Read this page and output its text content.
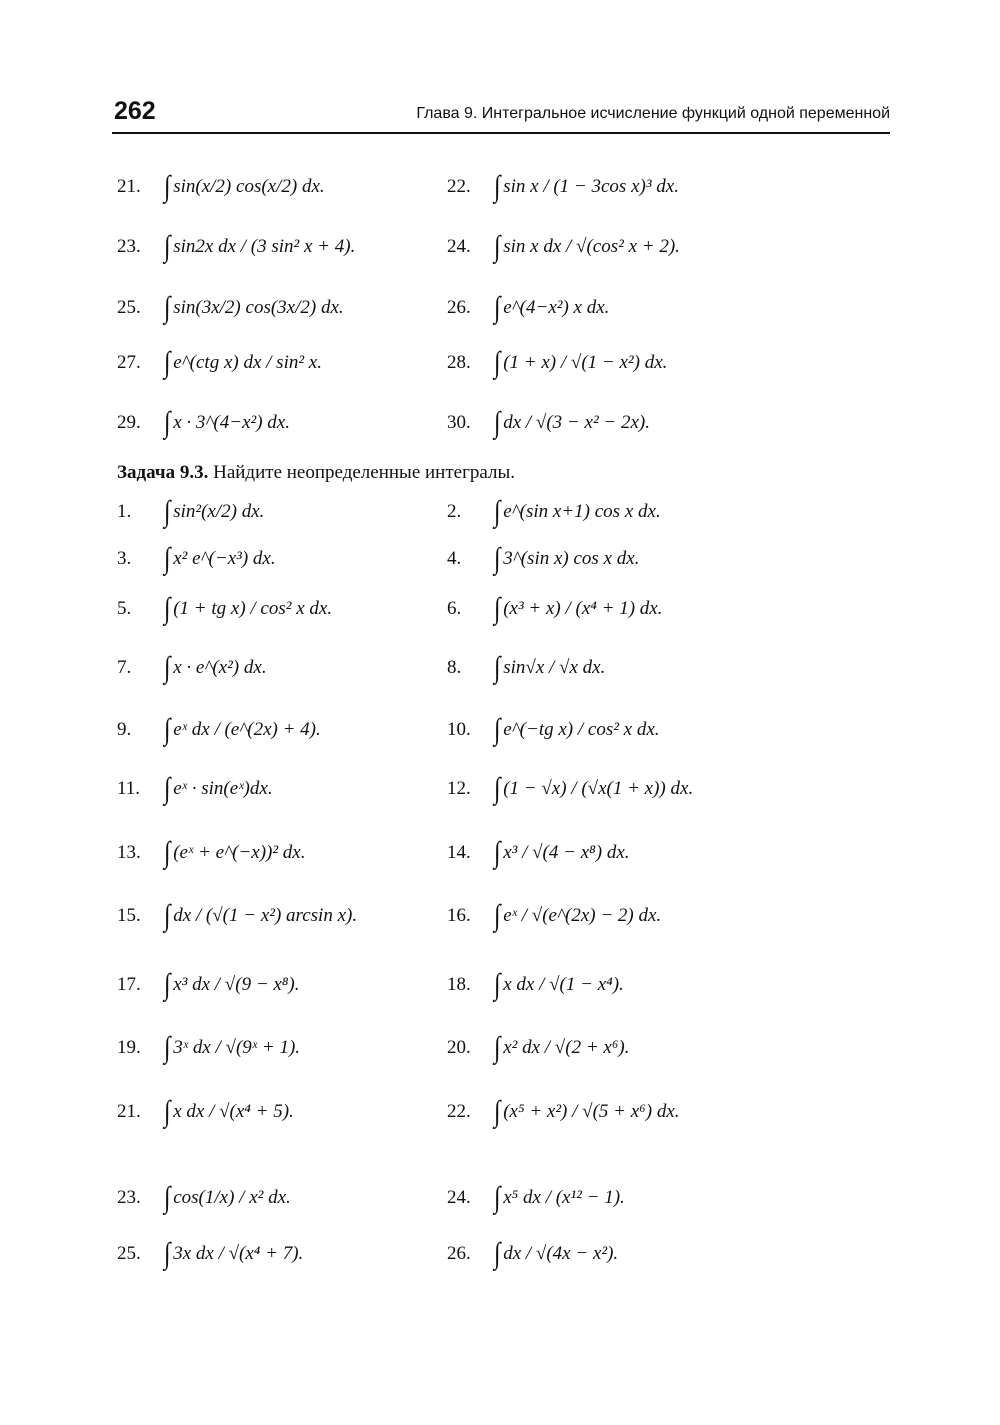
262	Глава 9. Интегральное исчисление функций одной переменной
21. ∫ sin(x/2) cos(x/2) dx.	22. ∫ sin x / (1 − 3cos x)³ dx.
23. ∫ sin2x dx / (3 sin² x + 4).	24. ∫ sin x dx / √(cos² x + 2).
25. ∫ sin(3x/2) cos(3x/2) dx.	26. ∫ e^(4−x²) x dx.
27. ∫ e^(ctg x) dx / sin² x.	28. ∫ (1 + x) / √(1 − x²) dx.
29. ∫ x · 3^(4−x²) dx.	30. ∫ dx / √(3 − x² − 2x).
Задача 9.3. Найдите неопределенные интегралы.
1.	∫ sin²(x/2) dx.	2.	∫ e^(sin x+1) cos x dx.
3.	∫ x² e^(−x³) dx.	4.	∫ 3^(sin x) cos x dx.
5.	∫ (1 + tg x) / cos² x dx.	6.	∫ (x³ + x) / (x⁴ + 1) dx.
7.	∫ x · e^(x²) dx.	8.	∫ sin√x / √x dx.
9.	∫ eˣ dx / (e^(2x) + 4).	10. ∫ e^(−tg x) / cos² x dx.
11. ∫ eˣ · sin(eˣ)dx.	12. ∫ (1 − √x) / (√x(1 + x)) dx.
13. ∫ (eˣ + e^(−x))² dx.	14. ∫ x³ / √(4 − x⁸) dx.
15. ∫ dx / (√(1 − x²) arcsin x).	16. ∫ eˣ / √(e^(2x) − 2) dx.
17. ∫ x³ dx / √(9 − x⁸).	18. ∫ x dx / √(1 − x⁴).
19. ∫ 3ˣ dx / √(9ˣ + 1).	20. ∫ x² dx / √(2 + x⁶).
21. ∫ x dx / √(x⁴ + 5).	22. ∫ (x⁵ + x²) / √(5 + x⁶) dx.
23. ∫ cos(1/x) / x² dx.	24. ∫ x⁵ dx / (x¹² − 1).
25. ∫ 3x dx / √(x⁴ + 7).	26. ∫ dx / √(4x − x²).
